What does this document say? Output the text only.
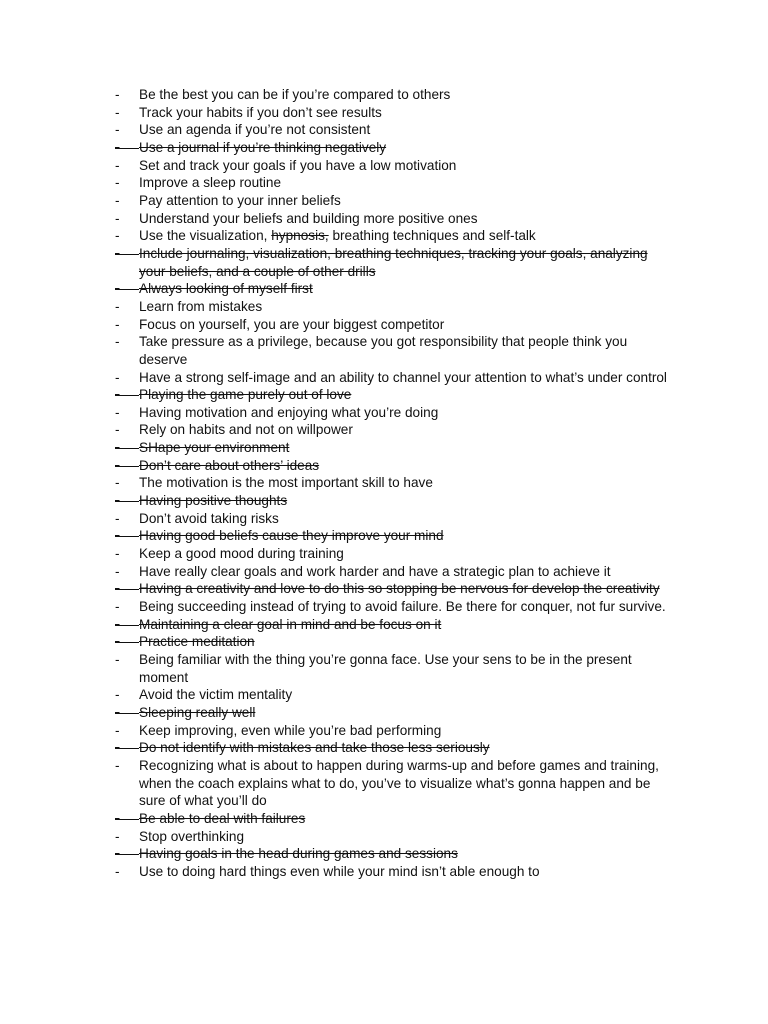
- Be the best you can be if you’re compared to others
- Track your habits if you don’t see results
- Use an agenda if you’re not consistent
- Use a journal if you’re thinking negatively
- Set and track your goals if you have a low motivation
- Improve a sleep routine
- Pay attention to your inner beliefs
- Understand your beliefs and building more positive ones
- Use the visualization, hypnosis, breathing techniques and self-talk
- Include journaling, visualization, breathing techniques, tracking your goals, analyzing your beliefs, and a couple of other drills
- Always looking of myself first
- Learn from mistakes
- Focus on yourself, you are your biggest competitor
- Take pressure as a privilege, because you got responsibility that people think you deserve
- Have a strong self-image and an ability to channel your attention to what’s under control
- Playing the game purely out of love
- Having motivation and enjoying what you’re doing
- Rely on habits and not on willpower
- SHape your environment
- Don’t care about others’ ideas
- The motivation is the most important skill to have
- Having positive thoughts
- Don’t avoid taking risks
- Having good beliefs cause they improve your mind
- Keep a good mood during training
- Have really clear goals and work harder and have a strategic plan to achieve it
- Having a creativity and love to do this so stopping be nervous for develop the creativity
- Being succeeding instead of trying to avoid failure. Be there for conquer, not fur survive.
- Maintaining a clear goal in mind and be focus on it
- Practice meditation
- Being familiar with the thing you’re gonna face. Use your sens to be in the present moment
- Avoid the victim mentality
- Sleeping really well
- Keep improving, even while you’re bad performing
- Do not identify with mistakes and take those less seriously
- Recognizing what is about to happen during warms-up and before games and training, when the coach explains what to do, you’ve to visualize what’s gonna happen and be sure of what you’ll do
- Be able to deal with failures
- Stop overthinking
- Having goals in the head during games and sessions
- Use to doing hard things even while your mind isn’t able enough to
